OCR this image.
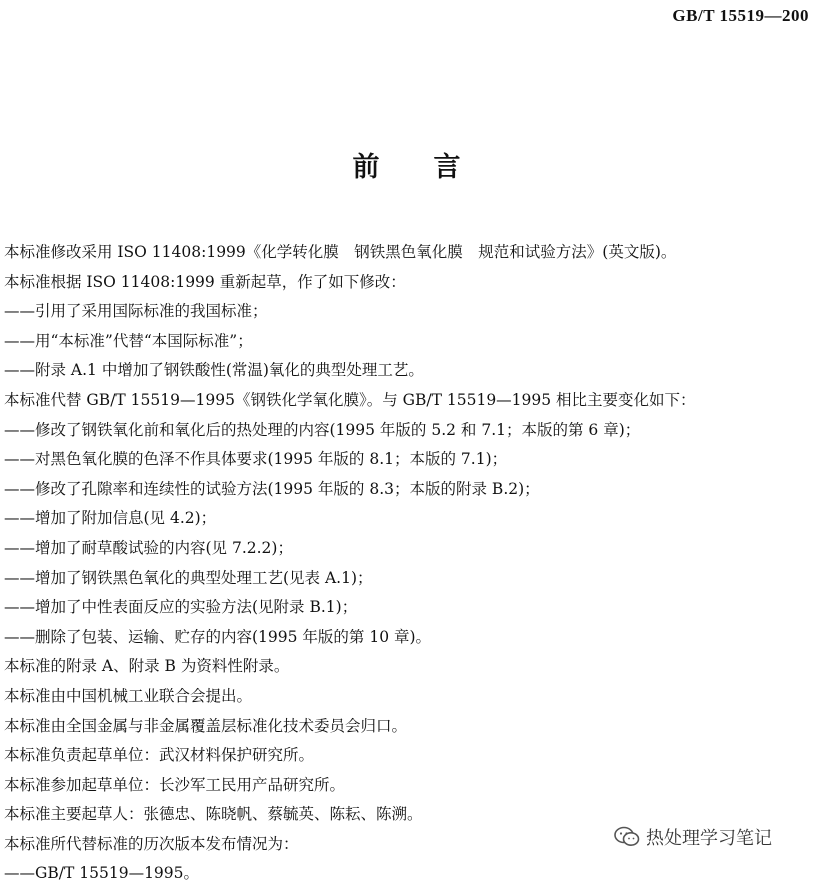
GB/T 15519—200
前言
本标准修改采用 ISO 11408:1999《化学转化膜　钢铁黑色氧化膜　规范和试验方法》(英文版)。
本标准根据 ISO 11408:1999 重新起草，作了如下修改：
——引用了采用国际标准的我国标准；
——用“本标准”代替“本国际标准”；
——附录 A.1 中增加了钢铁酸性(常温)氧化的典型处理工艺。
本标准代替 GB/T 15519—1995《钢铁化学氧化膜》。与 GB/T 15519—1995 相比主要变化如下：
——修改了钢铁氧化前和氧化后的热处理的内容(1995 年版的 5.2 和 7.1；本版的第 6 章)；
——对黑色氧化膜的色泽不作具体要求(1995 年版的 8.1；本版的 7.1)；
——修改了孔隙率和连续性的试验方法(1995 年版的 8.3；本版的附录 B.2)；
——增加了附加信息(见 4.2)；
——增加了耐草酸试验的内容(见 7.2.2)；
——增加了钢铁黑色氧化的典型处理工艺(见表 A.1)；
——增加了中性表面反应的实验方法(见附录 B.1)；
——删除了包装、运输、贮存的内容(1995 年版的第 10 章)。
本标准的附录 A、附录 B 为资料性附录。
本标准由中国机械工业联合会提出。
本标准由全国金属与非金属覆盖层标准化技术委员会归口。
本标准负责起草单位：武汉材料保护研究所。
本标准参加起草单位：长沙军工民用产品研究所。
本标准主要起草人：张德忠、陈晓帆、蔡毓英、陈耘、陈溯。
本标准所代替标准的历次版本发布情况为：
——GB/T 15519—1995。
热处理学习笔记
